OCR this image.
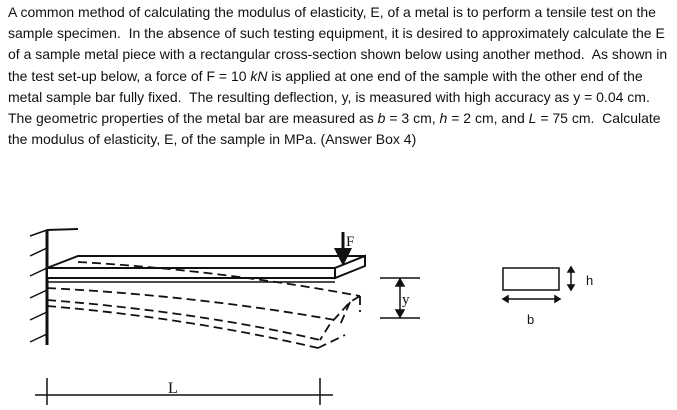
A common method of calculating the modulus of elasticity, E, of a metal is to perform a tensile test on the sample specimen.  In the absence of such testing equipment, it is desired to approximately calculate the E of a sample metal piece with a rectangular cross-section shown below using another method.  As shown in the test set-up below, a force of F = 10 kN is applied at one end of the sample with the other end of the metal sample bar fully fixed.  The resulting deflection, y, is measured with high accuracy as y = 0.04 cm.  The geometric properties of the metal bar are measured as b = 3 cm, h = 2 cm, and L = 75 cm.  Calculate the modulus of elasticity, E, of the sample in MPa. (Answer Box 4)

F
y
L
h
b
